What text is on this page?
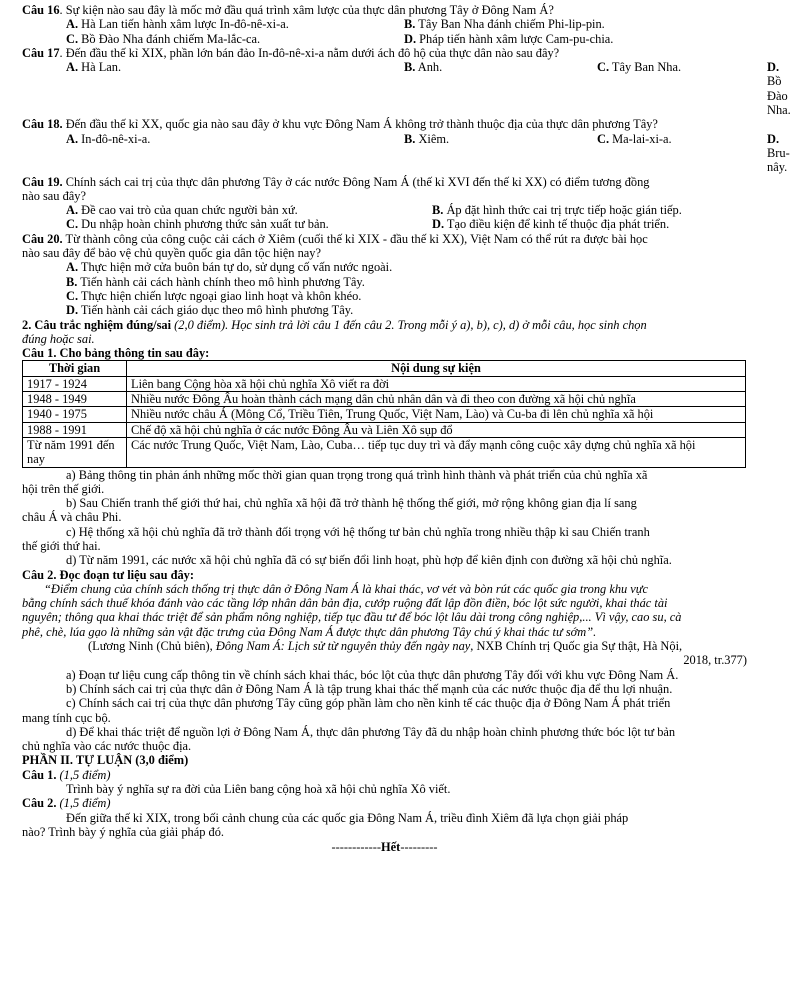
Câu 16. Sự kiện nào sau đây là mốc mở đầu quá trình xâm lược của thực dân phương Tây ở Đông Nam Á?
A. Hà Lan tiến hành xâm lược In-đô-nê-xi-a.	B. Tây Ban Nha đánh chiếm Phi-lip-pin.
C. Bồ Đào Nha đánh chiếm Ma-lắc-ca.	D. Pháp tiến hành xâm lược Cam-pu-chia.
Câu 17. Đến đầu thế kỉ XIX, phần lớn bán đảo In-đô-nê-xi-a nằm dưới ách đô hộ của thực dân nào sau đây?
A. Hà Lan.	B. Anh.	C. Tây Ban Nha.	D. Bồ Đào Nha.
Câu 18. Đến đầu thế kỉ XX, quốc gia nào sau đây ở khu vực Đông Nam Á không trở thành thuộc địa của thực dân phương Tây?
A. In-đô-nê-xi-a.	B. Xiêm.	C. Ma-lai-xi-a.	D. Bru-nây.
Câu 19. Chính sách cai trị của thực dân phương Tây ở các nước Đông Nam Á (thế kỉ XVI đến thế kỉ XX) có điểm tương đồng
nào sau đây?
A. Đề cao vai trò của quan chức người bản xứ.	B. Áp đặt hình thức cai trị trực tiếp hoặc gián tiếp.
C. Du nhập hoàn chỉnh phương thức sản xuất tư bản.	D. Tạo điều kiện để kinh tế thuộc địa phát triển.
Câu 20. Từ thành công của công cuộc cải cách ở Xiêm (cuối thế kỉ XIX - đầu thế kỉ XX), Việt Nam có thể rút ra được bài học
nào sau đây để bảo vệ chủ quyền quốc gia dân tộc hiện nay?
A. Thực hiện mở cửa buôn bán tự do, sử dụng cố vấn nước ngoài.
B. Tiến hành cải cách hành chính theo mô hình phương Tây.
C. Thực hiện chiến lược ngoại giao linh hoạt và khôn khéo.
D. Tiến hành cải cách giáo dục theo mô hình phương Tây.
2. Câu trắc nghiệm đúng/sai (2,0 điểm). Học sinh trả lời câu 1 đến câu 2. Trong mỗi ý a), b), c), d) ở mỗi câu, học sinh chọn
đúng hoặc sai.
Câu 1. Cho bảng thông tin sau đây:
Thời gian	Nội dung sự kiện
1917 - 1924	Liên bang Cộng hòa xã hội chủ nghĩa Xô viết ra đời
1948 - 1949	Nhiều nước Đông Âu hoàn thành cách mạng dân chủ nhân dân và đi theo con đường xã hội chủ nghĩa
1940 - 1975	Nhiều nước châu Á (Mông Cổ, Triều Tiên, Trung Quốc, Việt Nam, Lào) và Cu-ba đi lên chủ nghĩa xã hội
1988 - 1991	Chế độ xã hội chủ nghĩa ở các nước Đông Âu và Liên Xô sụp đổ
Từ năm 1991 đến nay	Các nước Trung Quốc, Việt Nam, Lào, Cuba… tiếp tục duy trì và đẩy mạnh công cuộc xây dựng chủ nghĩa xã hội
a) Bảng thông tin phản ánh những mốc thời gian quan trọng trong quá trình hình thành và phát triển của chủ nghĩa xã
hội trên thế giới.
b) Sau Chiến tranh thế giới thứ hai, chủ nghĩa xã hội đã trở thành hệ thống thế giới, mở rộng không gian địa lí sang
châu Á và châu Phi.
c) Hệ thống xã hội chủ nghĩa đã trở thành đối trọng với hệ thống tư bản chủ nghĩa trong nhiều thập kỉ sau Chiến tranh
thế giới thứ hai.
d) Từ năm 1991, các nước xã hội chủ nghĩa đã có sự biến đổi linh hoạt, phù hợp để kiên định con đường xã hội chủ nghĩa.
Câu 2. Đọc đoạn tư liệu sau đây:
“Điểm chung của chính sách thống trị thực dân ở Đông Nam Á là khai thác, vơ vét và bòn rút các quốc gia trong khu vực
bằng chính sách thuế khóa đánh vào các tầng lớp nhân dân bản địa, cướp ruộng đất lập đồn điền, bóc lột sức người, khai thác tài
nguyên; thông qua khai thác triệt để sản phẩm nông nghiệp, tiếp tục đầu tư để bóc lột lâu dài trong công nghiệp,... Vì vậy, cao su, cà
phê, chè, lúa gạo là những sản vật đặc trưng của Đông Nam Á được thực dân phương Tây chú ý khai thác tư sớm”.
(Lương Ninh (Chủ biên), Đông Nam Á: Lịch sử từ nguyên thủy đến ngày nay, NXB Chính trị Quốc gia Sự thật, Hà Nội,
2018, tr.377)
a) Đoạn tư liệu cung cấp thông tin về chính sách khai thác, bóc lột của thực dân phương Tây đối với khu vực Đông Nam Á.
b) Chính sách cai trị của thực dân ở Đông Nam Á là tập trung khai thác thế mạnh của các nước thuộc địa để thu lợi nhuận.
c) Chính sách cai trị của thực dân phương Tây cũng góp phần làm cho nền kinh tế các thuộc địa ở Đông Nam Á phát triển
mang tính cục bộ.
d) Để khai thác triệt để nguồn lợi ở Đông Nam Á, thực dân phương Tây đã du nhập hoàn chỉnh phương thức bóc lột tư bản
chủ nghĩa vào các nước thuộc địa.
PHẦN II. TỰ LUẬN (3,0 điểm)
Câu 1. (1,5 điểm)
Trình bày ý nghĩa sự ra đời của Liên bang cộng hoà xã hội chủ nghĩa Xô viết.
Câu 2. (1,5 điểm)
Đến giữa thế kỉ XIX, trong bối cảnh chung của các quốc gia Đông Nam Á, triều đình Xiêm đã lựa chọn giải pháp
nào? Trình bày ý nghĩa của giải pháp đó.
------------Hết---------
